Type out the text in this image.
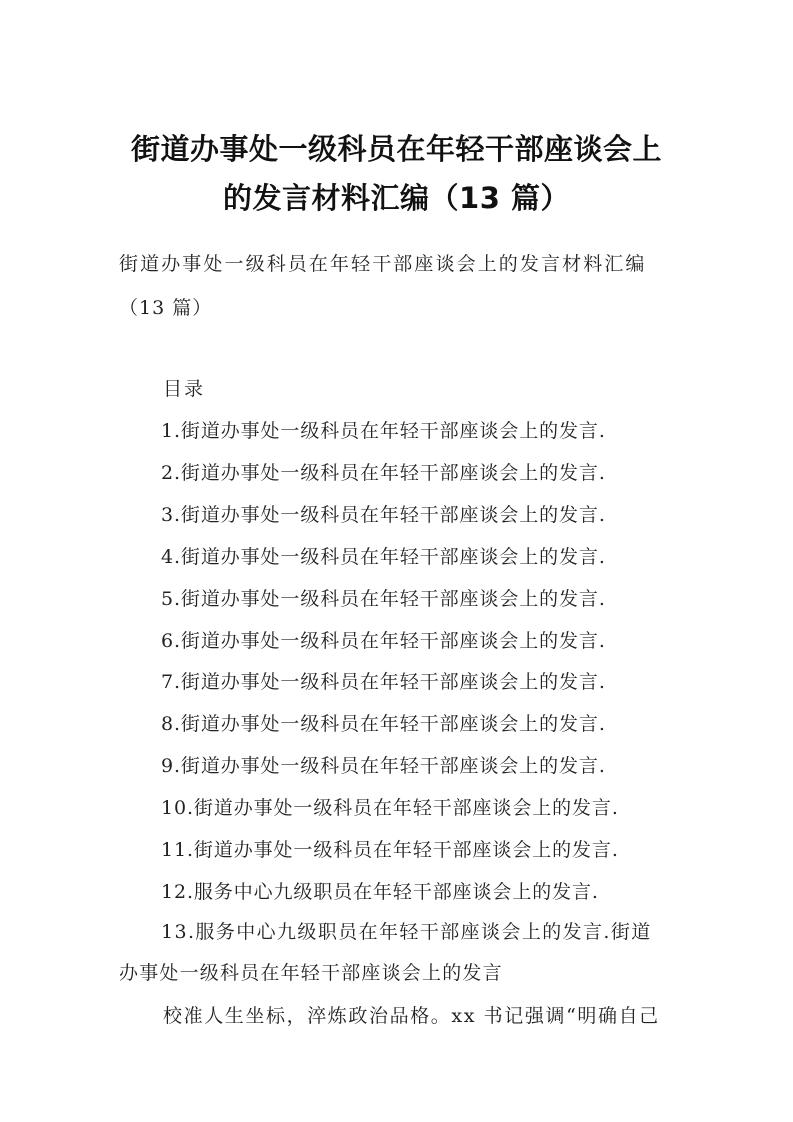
街道办事处一级科员在年轻干部座谈会上
的发言材料汇编（13 篇）
街道办事处一级科员在年轻干部座谈会上的发言材料汇编
（13 篇）
目录
1.街道办事处一级科员在年轻干部座谈会上的发言.
2.街道办事处一级科员在年轻干部座谈会上的发言.
3.街道办事处一级科员在年轻干部座谈会上的发言.
4.街道办事处一级科员在年轻干部座谈会上的发言.
5.街道办事处一级科员在年轻干部座谈会上的发言.
6.街道办事处一级科员在年轻干部座谈会上的发言.
7.街道办事处一级科员在年轻干部座谈会上的发言.
8.街道办事处一级科员在年轻干部座谈会上的发言.
9.街道办事处一级科员在年轻干部座谈会上的发言.
10.街道办事处一级科员在年轻干部座谈会上的发言.
11.街道办事处一级科员在年轻干部座谈会上的发言.
12.服务中心九级职员在年轻干部座谈会上的发言.
13.服务中心九级职员在年轻干部座谈会上的发言.街道
办事处一级科员在年轻干部座谈会上的发言
校准人生坐标，淬炼政治品格。xx 书记强调“明确自己
